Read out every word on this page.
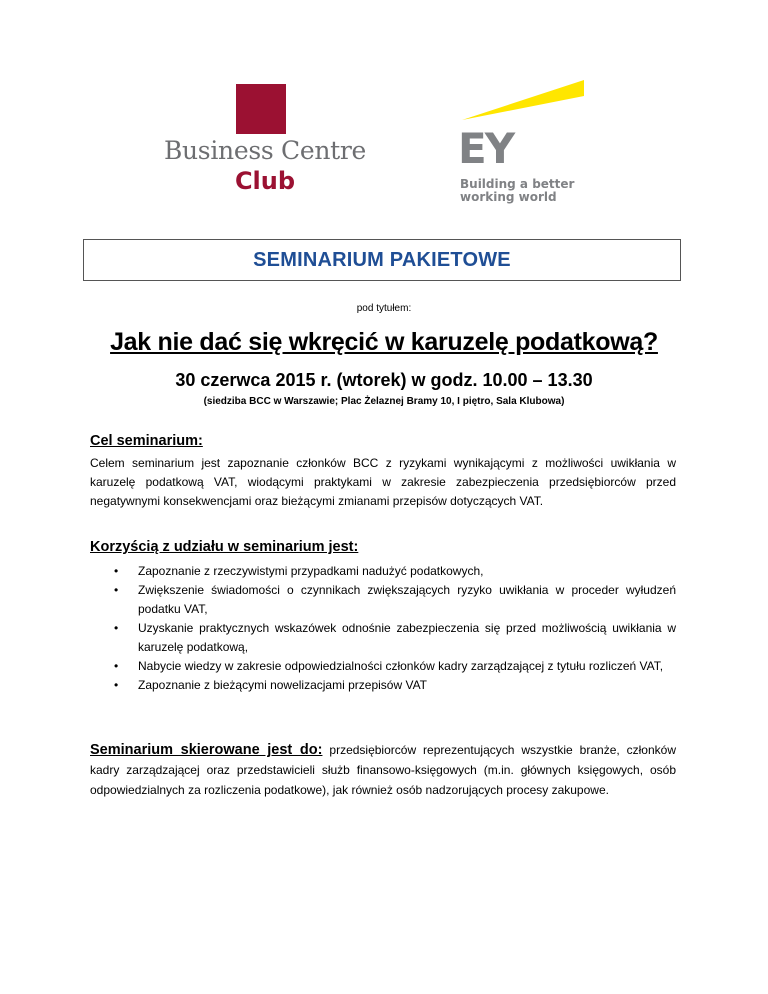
Business Centre
Club
EY
Building a better
working world
SEMINARIUM PAKIETOWE
pod tytułem:
Jak nie dać się wkręcić w karuzelę podatkową?
30 czerwca 2015 r. (wtorek) w godz. 10.00 – 13.30
(siedziba BCC w Warszawie; Plac Żelaznej Bramy 10, I piętro, Sala Klubowa)
Cel seminarium:

Celem seminarium jest zapoznanie członków BCC z ryzykami wynikającymi z możliwości uwikłania w karuzelę podatkową VAT, wiodącymi praktykami w zakresie zabezpieczenia przedsiębiorców przed negatywnymi konsekwencjami oraz bieżącymi zmianami przepisów dotyczących VAT.

Korzyścią z udziału w seminarium jest:
• Zapoznanie z rzeczywistymi przypadkami nadużyć podatkowych,
• Zwiększenie świadomości o czynnikach zwiększających ryzyko uwikłania w proceder wyłudzeń podatku VAT,
• Uzyskanie praktycznych wskazówek odnośnie zabezpieczenia się przed możliwością uwikłania w karuzelę podatkową,
• Nabycie wiedzy w zakresie odpowiedzialności członków kadry zarządzającej z tytułu rozliczeń VAT,
• Zapoznanie z bieżącymi nowelizacjami przepisów VAT

Seminarium skierowane jest do: przedsiębiorców reprezentujących wszystkie branże, członków kadry zarządzającej oraz przedstawicieli służb finansowo-księgowych (m.in. głównych księgowych, osób odpowiedzialnych za rozliczenia podatkowe), jak również osób nadzorujących procesy zakupowe.
